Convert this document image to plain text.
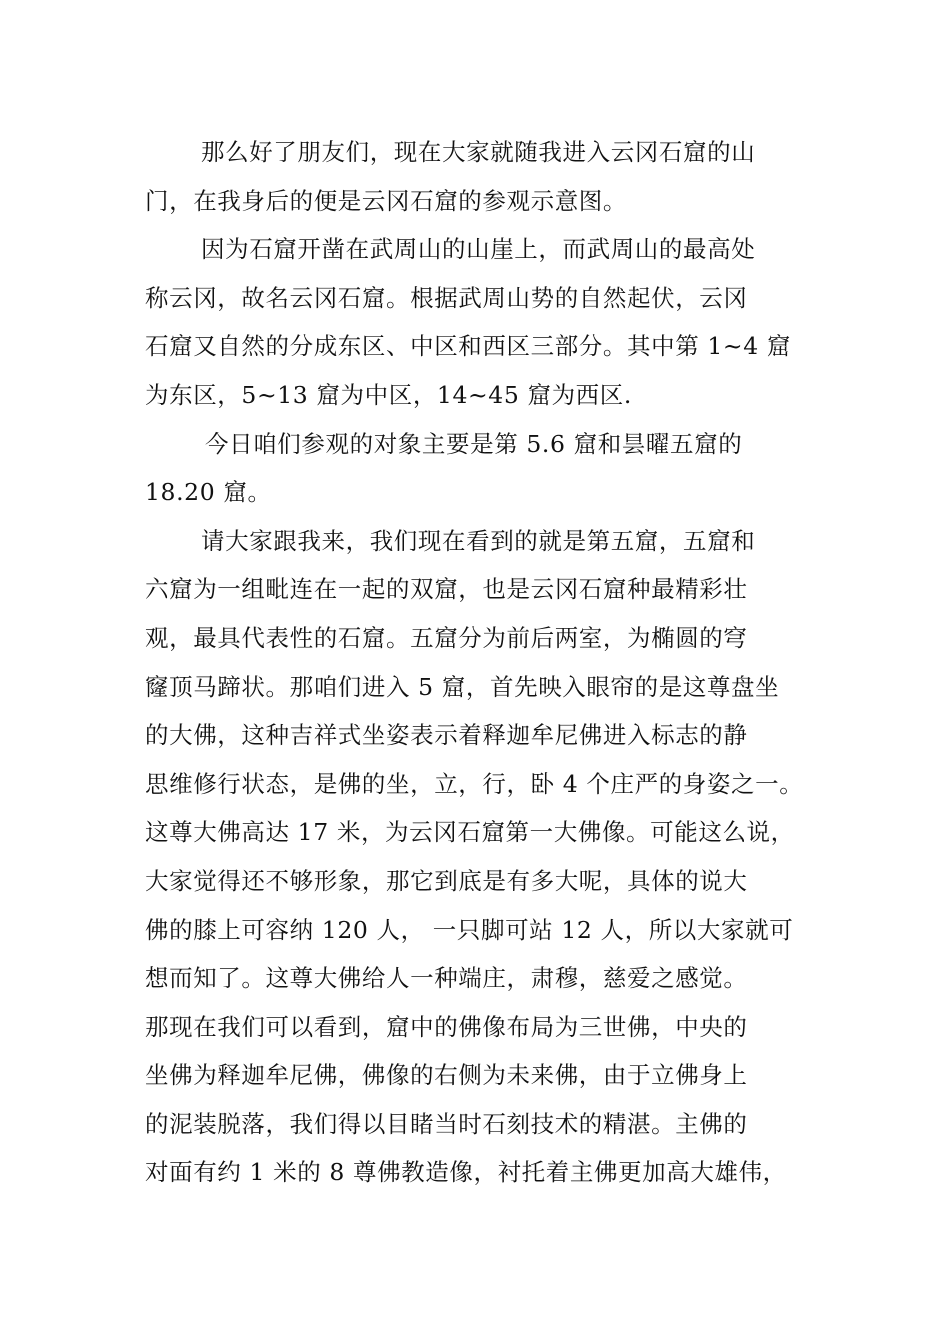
那么好了朋友们，现在大家就随我进入云冈石窟的山
门，在我身后的便是云冈石窟的参观示意图。
因为石窟开凿在武周山的山崖上，而武周山的最高处
称云冈，故名云冈石窟。根据武周山势的自然起伏，云冈
石窟又自然的分成东区、中区和西区三部分。其中第 1~4 窟
为东区，5~13 窟为中区，14~45 窟为西区.
今日咱们参观的对象主要是第 5.6 窟和昙曜五窟的
18.20 窟。
请大家跟我来，我们现在看到的就是第五窟，五窟和
六窟为一组毗连在一起的双窟，也是云冈石窟种最精彩壮
观，最具代表性的石窟。五窟分为前后两室，为椭圆的穹
窿顶马蹄状。那咱们进入 5 窟，首先映入眼帘的是这尊盘坐
的大佛，这种吉祥式坐姿表示着释迦牟尼佛进入标志的静
思维修行状态，是佛的坐，立，行，卧 4 个庄严的身姿之一。
这尊大佛高达 17 米，为云冈石窟第一大佛像。可能这么说，
大家觉得还不够形象，那它到底是有多大呢，具体的说大
佛的膝上可容纳 120 人， 一只脚可站 12 人，所以大家就可
想而知了。这尊大佛给人一种端庄，肃穆，慈爱之感觉。
那现在我们可以看到，窟中的佛像布局为三世佛，中央的
坐佛为释迦牟尼佛，佛像的右侧为未来佛，由于立佛身上
的泥装脱落，我们得以目睹当时石刻技术的精湛。主佛的
对面有约 1 米的 8 尊佛教造像，衬托着主佛更加高大雄伟，
